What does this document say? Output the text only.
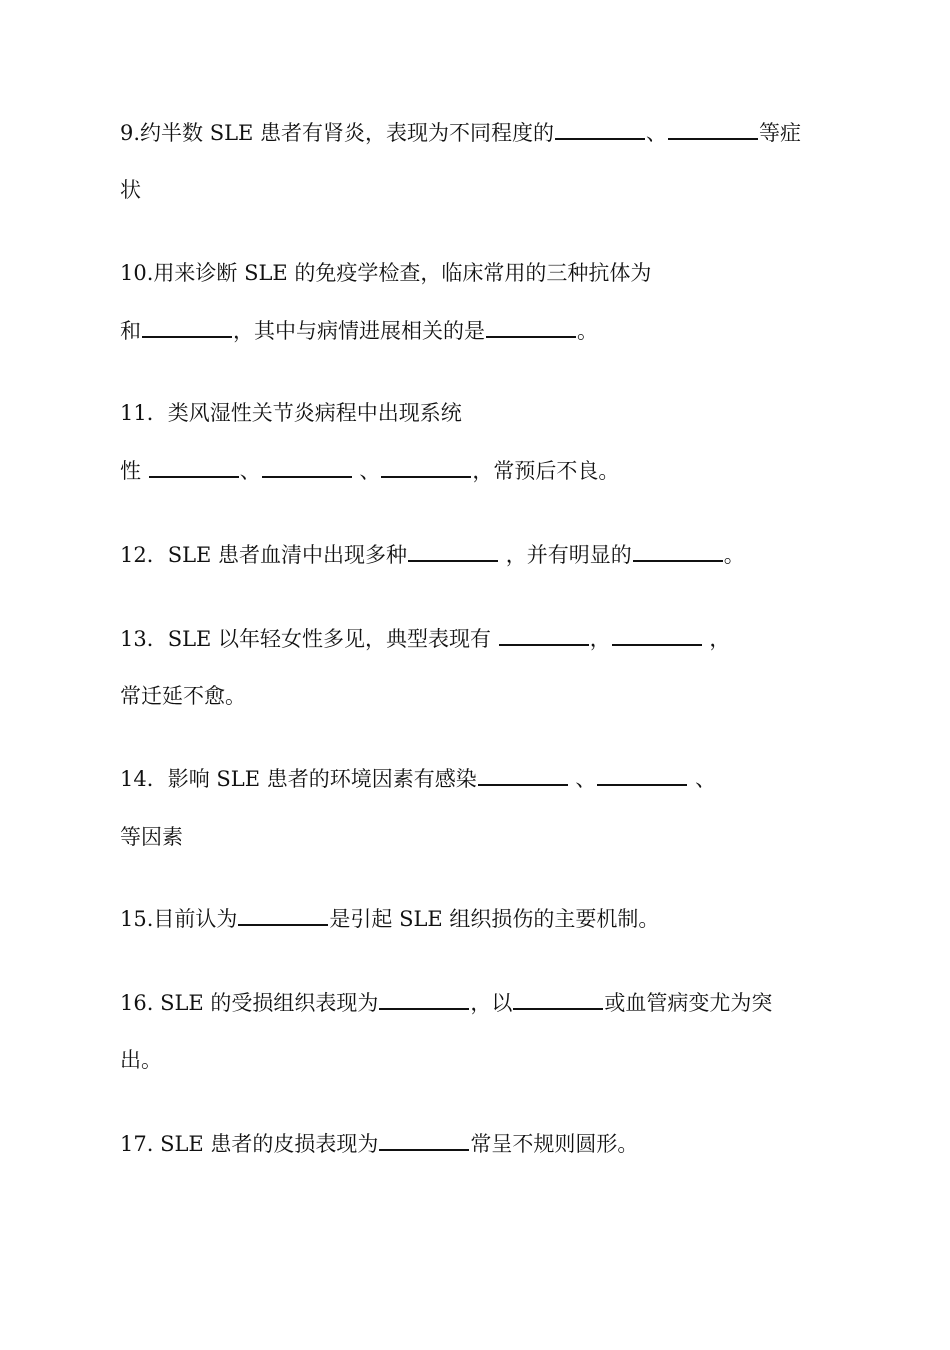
9.约半数 SLE 患者有肾炎，表现为不同程度的	、	等症
状
10.用来诊断 SLE 的免疫学检查，临床常用的三种抗体为
和	，其中与病情进展相关的是	。
11．类风湿性关节炎病程中出现系统
性	、	、	，常预后不良。
12．SLE 患者血清中出现多种	，并有明显的	。
13．SLE 以年轻女性多见，典型表现有	，	，
常迁延不愈。
14．影响 SLE 患者的环境因素有感染	、	、
等因素
15.目前认为	是引起 SLE 组织损伤的主要机制。
16. SLE 的受损组织表现为	，以	或血管病变尤为突
出。
17. SLE 患者的皮损表现为	常呈不规则圆形。
